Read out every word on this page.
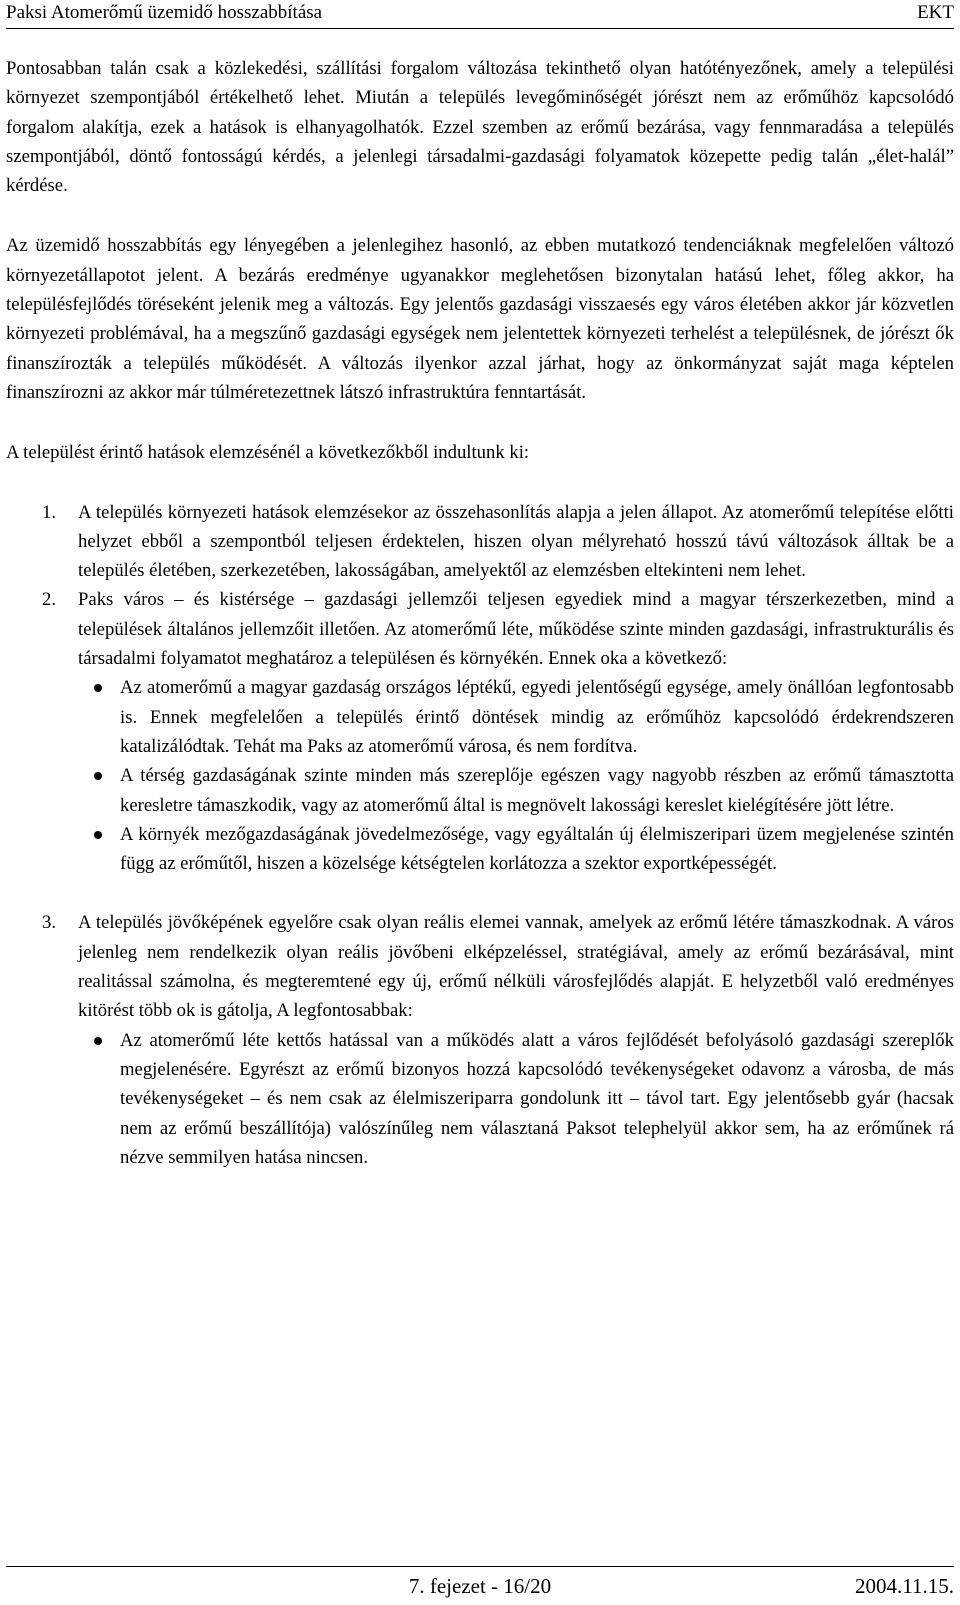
Paksi Atomerőmű üzemidő hosszabbítása	EKT

Pontosabban talán csak a közlekedési, szállítási forgalom változása tekinthető olyan hatótényezőnek, amely a települési környezet szempontjából értékelhető lehet. Miután a település levegőminőségét jórészt nem az erőműhöz kapcsolódó forgalom alakítja, ezek a hatások is elhanyagolhatók. Ezzel szemben az erőmű bezárása, vagy fennmaradása a település szempontjából, döntő fontosságú kérdés, a jelenlegi társadalmi-gazdasági folyamatok közepette pedig talán „élet-halál” kérdése.

Az üzemidő hosszabbítás egy lényegében a jelenlegihez hasonló, az ebben mutatkozó tendenciáknak megfelelően változó környezetállapotot jelent. A bezárás eredménye ugyanakkor meglehetősen bizonytalan hatású lehet, főleg akkor, ha településfejlődés töréseként jelenik meg a változás. Egy jelentős gazdasági visszaesés egy város életében akkor jár közvetlen környezeti problémával, ha a megszűnő gazdasági egységek nem jelentettek környezeti terhelést a településnek, de jórészt ők finanszírozták a település működését. A változás ilyenkor azzal járhat, hogy az önkormányzat saját maga képtelen finanszírozni az akkor már túlméretezettnek látszó infrastruktúra fenntartását.

A települést érintő hatások elemzésénél a következőkből indultunk ki:

1. A település környezeti hatások elemzésekor az összehasonlítás alapja a jelen állapot. Az atomerőmű telepítése előtti helyzet ebből a szempontból teljesen érdektelen, hiszen olyan mélyreható hosszú távú változások álltak be a település életében, szerkezetében, lakosságában, amelyektől az elemzésben eltekinteni nem lehet.

2. Paks város – és kistérsége – gazdasági jellemzői teljesen egyediek mind a magyar térszerkezetben, mind a települések általános jellemzőit illetően. Az atomerőmű léte, működése szinte minden gazdasági, infrastrukturális és társadalmi folyamatot meghatároz a településen és környékén. Ennek oka a következő:

Az atomerőmű a magyar gazdaság országos léptékű, egyedi jelentőségű egysége, amely önállóan legfontosabb is. Ennek megfelelően a település érintő döntések mindig az erőműhöz kapcsolódó érdekrendszeren katalizálódtak. Tehát ma Paks az atomerőmű városa, és nem fordítva.
A térség gazdaságának szinte minden más szereplője egészen vagy nagyobb részben az erőmű támasztotta keresletre támaszkodik, vagy az atomerőmű által is megnövelt lakossági kereslet kielégítésére jött létre.
A környék mezőgazdaságának jövedelmezősége, vagy egyáltalán új élelmiszeripari üzem megjelenése szintén függ az erőműtől, hiszen a közelsége kétségtelen korlátozza a szektor exportképességét.
3. A település jövőképének egyelőre csak olyan reális elemei vannak, amelyek az erőmű létére támaszkodnak. A város jelenleg nem rendelkezik olyan reális jövőbeni elképzeléssel, stratégiával, amely az erőmű bezárásával, mint realitással számolna, és megteremtené egy új, erőmű nélküli városfejlődés alapját. E helyzetből való eredményes kitörést több ok is gátolja, A legfontosabbak:

Az atomerőmű léte kettős hatással van a működés alatt a város fejlődését befolyásoló gazdasági szereplők megjelenésére. Egyrészt az erőmű bizonyos hozzá kapcsolódó tevékenységeket odavonz a városba, de más tevékenységeket – és nem csak az élelmiszeriparra gondolunk itt – távol tart. Egy jelentősebb gyár (hacsak nem az erőmű beszállítója) valószínűleg nem választaná Paksot telephelyül akkor sem, ha az erőműnek rá nézve semmilyen hatása nincsen.
7. fejezet - 16/20	2004.11.15.
